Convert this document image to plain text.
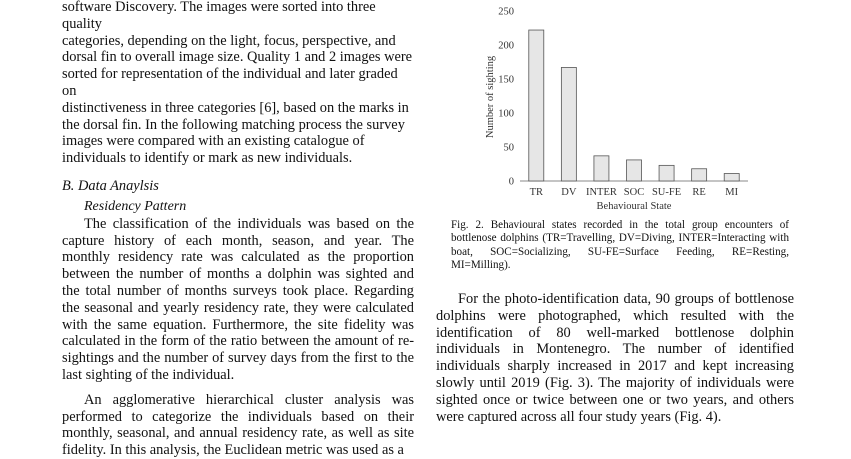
software Discovery. The images were sorted into three quality

categories, depending on the light, focus, perspective, and

dorsal fin to overall image size. Quality 1 and 2 images were

sorted for representation of the individual and later graded on

distinctiveness in three categories [6], based on the marks in

the dorsal fin. In the following matching process the survey

images were compared with an existing catalogue of

individuals to identify or mark as new individuals.

B. Data Anaylsis
Residency Pattern

The classification of the individuals was based on the capture history of each month, season, and year. The monthly residency rate was calculated as the proportion between the number of months a dolphin was sighted and the total number of months surveys took place. Regarding the seasonal and yearly residency rate, they were calculated with the same equation. Furthermore, the site fidelity was calculated in the form of the ratio between the amount of re-sightings and the number of survey days from the first to the last sighting of the individual.

An agglomerative hierarchical cluster analysis was performed to categorize the individuals based on their monthly, seasonal, and annual residency rate, as well as site fidelity. In this analysis, the Euclidean metric was used as a

0
50
100
150
200
250
TR DV INTER SOC SU-FE RE MI
Number of sighting
Behavioural State

Fig. 2. Behavioural states recorded in the total group encounters of bottlenose dolphins (TR=Travelling, DV=Diving, INTER=Interacting with boat, SOC=Socializing, SU-FE=Surface Feeding, RE=Resting, MI=Milling).

For the photo-identification data, 90 groups of bottlenose dolphins were photographed, which resulted with the identification of 80 well-marked bottlenose dolphin individuals in Montenegro. The number of identified individuals sharply increased in 2017 and kept increasing slowly until 2019 (Fig. 3). The majority of individuals were sighted once or twice between one or two years, and others were captured across all four study years (Fig. 4).
